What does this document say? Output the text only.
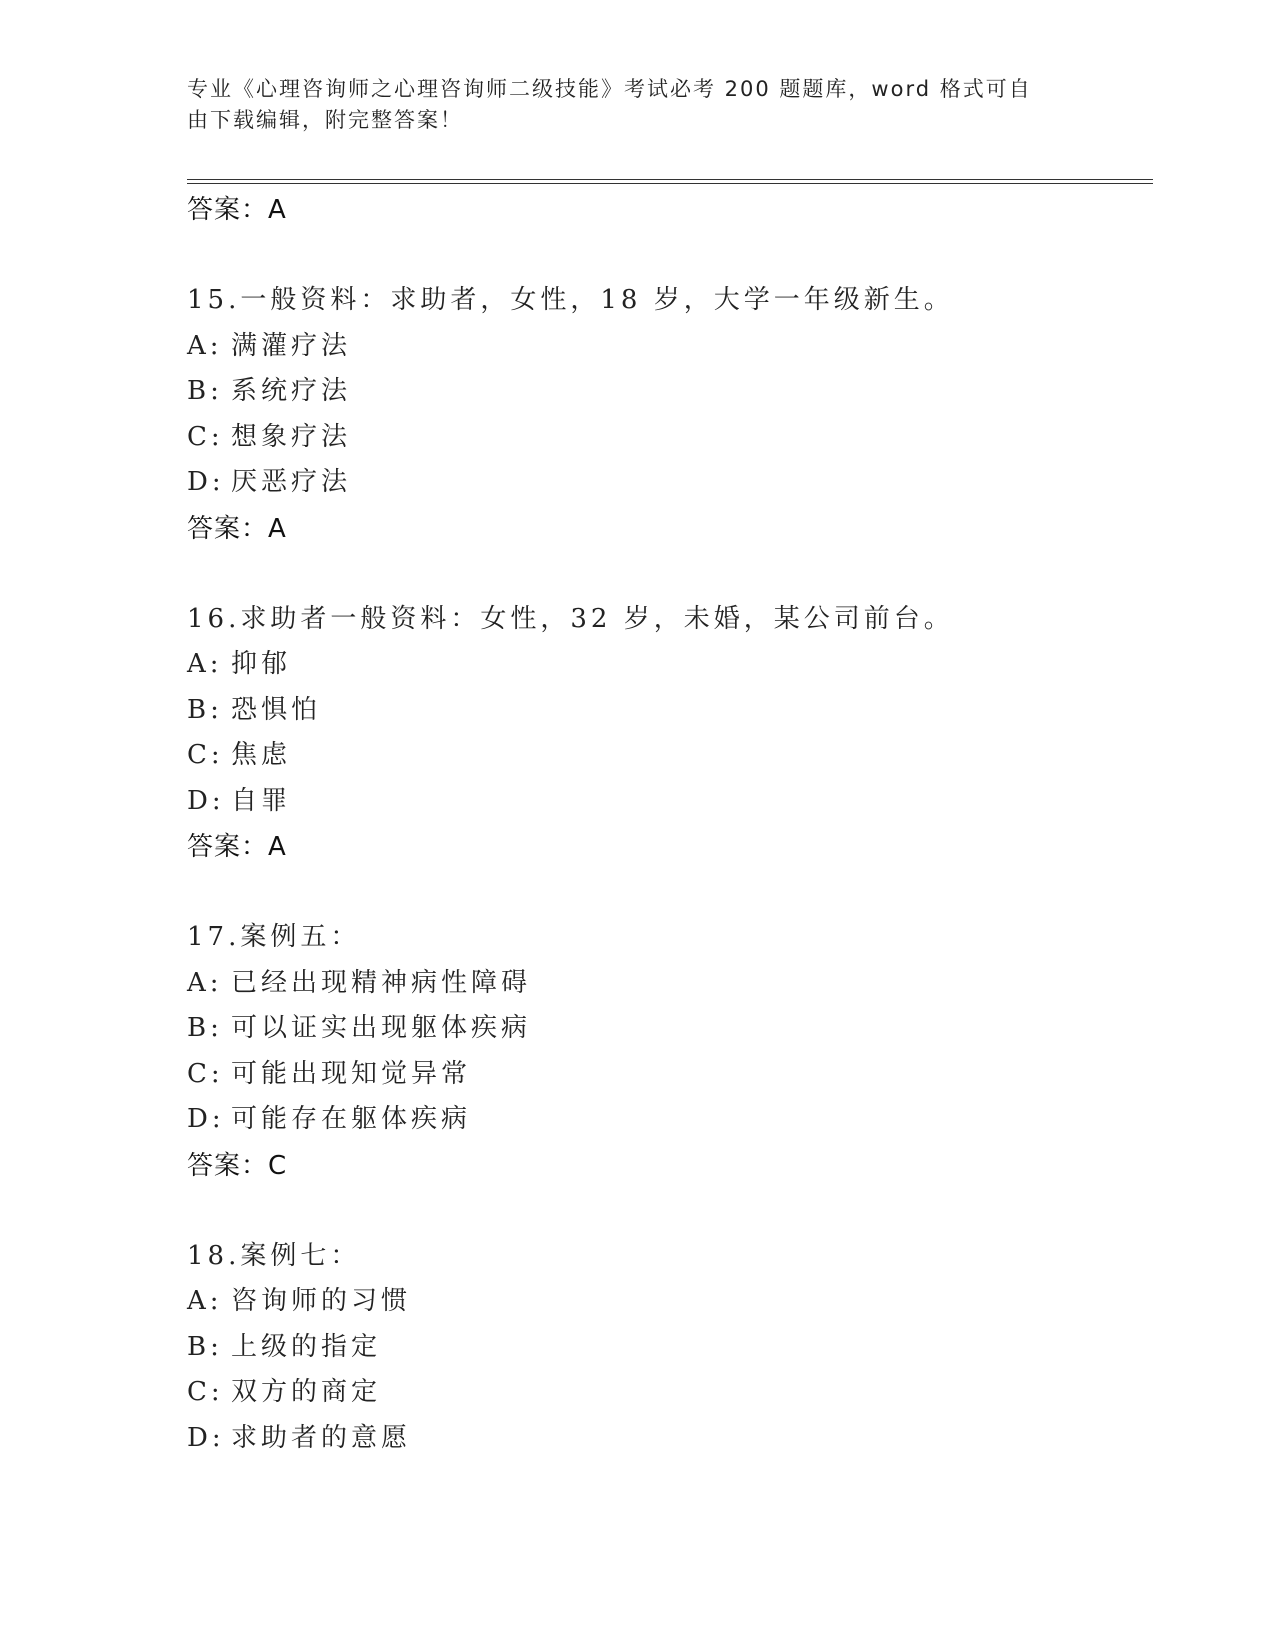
专业《心理咨询师之心理咨询师二级技能》考试必考 200 题题库，word 格式可自
由下载编辑，附完整答案！
答案：A
15.一般资料：求助者，女性，18 岁，大学一年级新生。
A: 满灌疗法
B: 系统疗法
C: 想象疗法
D: 厌恶疗法
答案：A
16.求助者一般资料：女性，32 岁，未婚，某公司前台。
A: 抑郁
B: 恐惧怕
C: 焦虑
D: 自罪
答案：A
17.案例五：
A: 已经出现精神病性障碍
B: 可以证实出现躯体疾病
C: 可能出现知觉异常
D: 可能存在躯体疾病
答案：C
18.案例七：
A: 咨询师的习惯
B: 上级的指定
C: 双方的商定
D: 求助者的意愿
